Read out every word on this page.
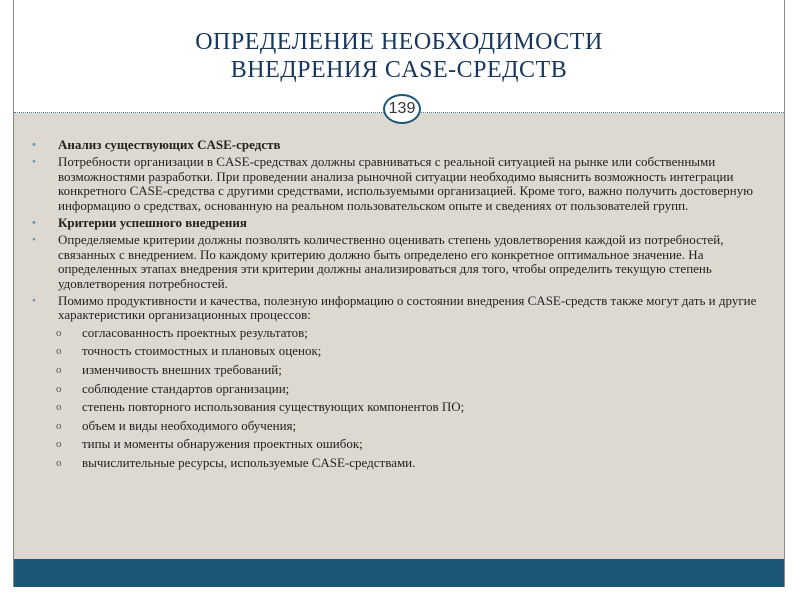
ОПРЕДЕЛЕНИЕ НЕОБХОДИМОСТИ
ВНЕДРЕНИЯ CASE-СРЕДСТВ
139
• Анализ существующих CASE-средств
• Потребности организации в CASE-средствах должны сравниваться с реальной ситуацией на рынке или собственными возможностями разработки. При проведении анализа рыночной ситуации необходимо выяснить возможность интеграции конкретного CASE-средства с другими средствами, используемыми организацией. Кроме того, важно получить достоверную информацию о средствах, основанную на реальном пользовательском опыте и сведениях от пользователей групп.
• Критерии успешного внедрения
• Определяемые критерии должны позволять количественно оценивать степень удовлетворения каждой из потребностей, связанных с внедрением. По каждому критерию должно быть определено его конкретное оптимальное значение. На определенных этапах внедрения эти критерии должны анализироваться для того, чтобы определить текущую степень удовлетворения потребностей.
• Помимо продуктивности и качества, полезную информацию о состоянии внедрения CASE-средств также могут дать и другие характеристики организационных процессов:
o согласованность проектных результатов;
o точность стоимостных и плановых оценок;
o изменчивость внешних требований;
o соблюдение стандартов организации;
o степень повторного использования существующих компонентов ПО;
o объем и виды необходимого обучения;
o типы и моменты обнаружения проектных ошибок;
o вычислительные ресурсы, используемые CASE-средствами.
